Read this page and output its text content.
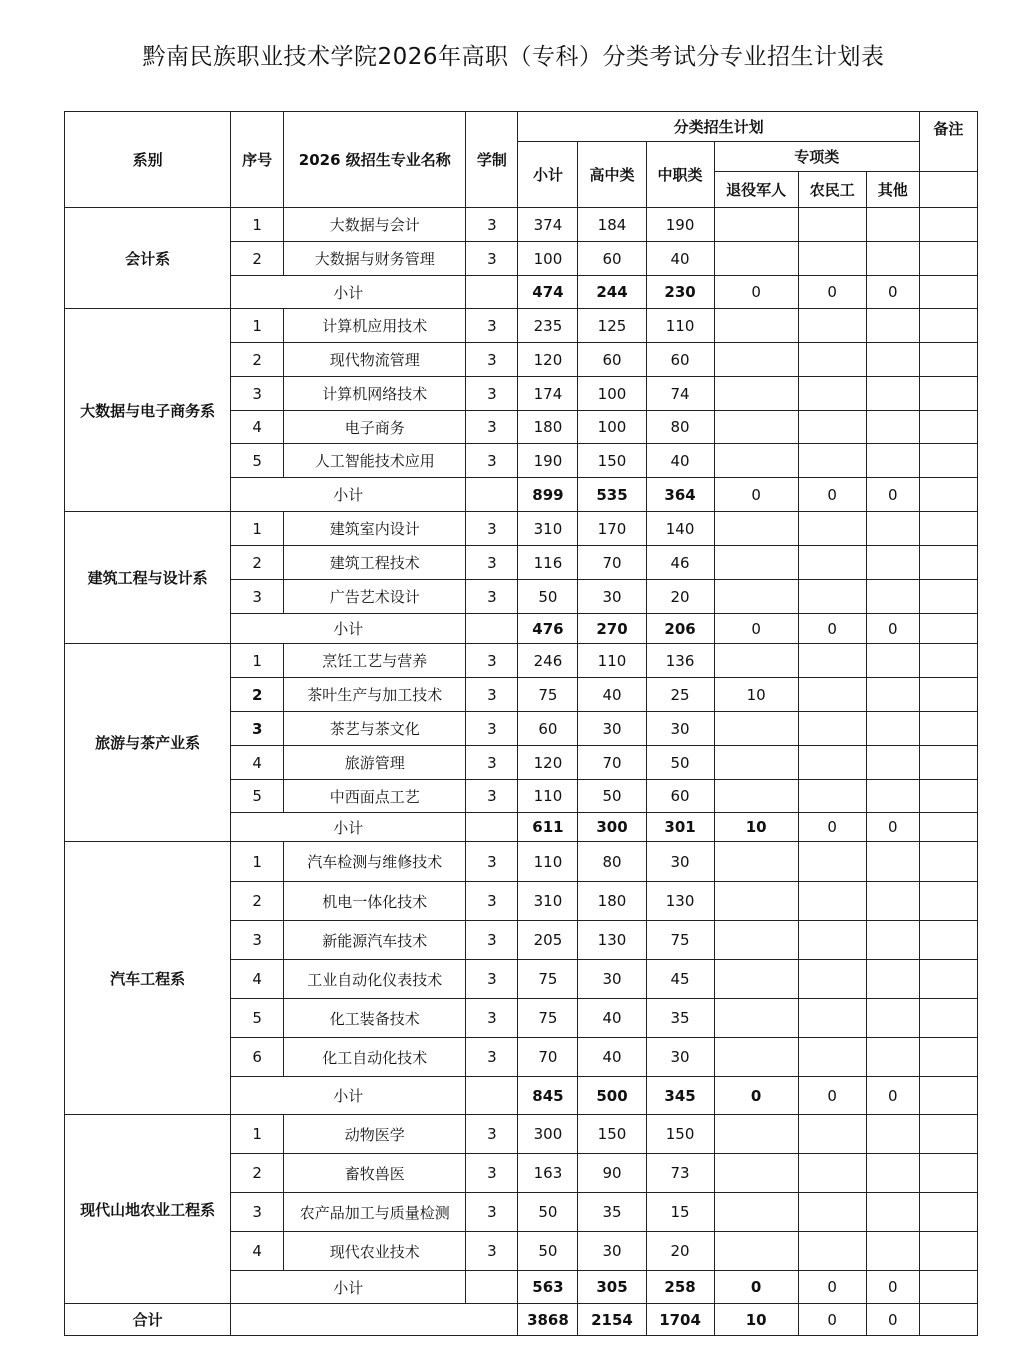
黔南民族职业技术学院2026年高职（专科）分类考试分专业招生计划表
系别	序号	2026 级招生专业名称	学制	分类招生计划						备注
				小计	高中类	中职类	专项类			
							退役军人	农民工	其他	
会计系	1	大数据与会计	3	374	184	190				
	2	大数据与财务管理	3	100	60	40				
	小计			474	244	230	0	0	0	
大数据与电子商务系	1	计算机应用技术	3	235	125	110				
	2	现代物流管理	3	120	60	60				
	3	计算机网络技术	3	174	100	74				
	4	电子商务	3	180	100	80				
	5	人工智能技术应用	3	190	150	40				
	小计			899	535	364	0	0	0	
建筑工程与设计系	1	建筑室内设计	3	310	170	140				
	2	建筑工程技术	3	116	70	46				
	3	广告艺术设计	3	50	30	20				
	小计			476	270	206	0	0	0	
旅游与茶产业系	1	烹饪工艺与营养	3	246	110	136				
	2	茶叶生产与加工技术	3	75	40	25	10			
	3	茶艺与茶文化	3	60	30	30				
	4	旅游管理	3	120	70	50				
	5	中西面点工艺	3	110	50	60				
	小计			611	300	301	10	0	0	
汽车工程系	1	汽车检测与维修技术	3	110	80	30				
	2	机电一体化技术	3	310	180	130				
	3	新能源汽车技术	3	205	130	75				
	4	工业自动化仪表技术	3	75	30	45				
	5	化工装备技术	3	75	40	35				
	6	化工自动化技术	3	70	40	30				
	小计			845	500	345	0	0	0	
现代山地农业工程系	1	动物医学	3	300	150	150				
	2	畜牧兽医	3	163	90	73				
	3	农产品加工与质量检测	3	50	35	15				
	4	现代农业技术	3	50	30	20				
	小计			563	305	258	0	0	0	
合计				3868	2154	1704	10	0	0	
